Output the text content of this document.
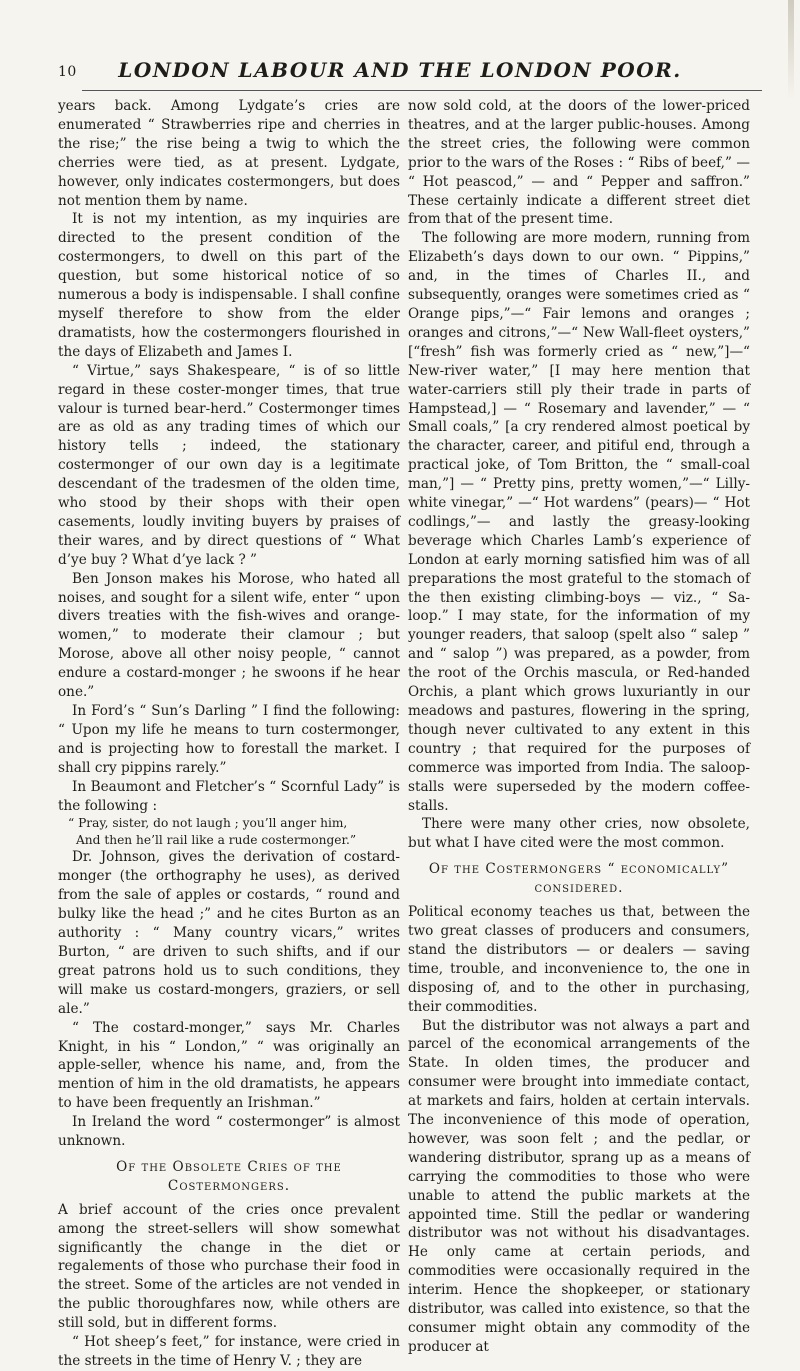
10	LONDON LABOUR AND THE LONDON POOR.

years back. Among Lydgate’s cries are enumerated “ Strawberries ripe and cherries in the rise;” the rise being a twig to which the cherries were tied, as at present. Lydgate, however, only indicates costermongers, but does not mention them by name.

It is not my intention, as my inquiries are directed to the present condition of the costermongers, to dwell on this part of the question, but some historical notice of so numerous a body is indispensable. I shall confine myself therefore to show from the elder dramatists, how the costermongers flourished in the days of Elizabeth and James I.

“ Virtue,” says Shakespeare, “ is of so little regard in these coster-monger times, that true valour is turned bear-herd.” Costermonger times are as old as any trading times of which our history tells ; indeed, the stationary costermonger of our own day is a legitimate descendant of the tradesmen of the olden time, who stood by their shops with their open casements, loudly inviting buyers by praises of their wares, and by direct questions of “ What d’ye buy ? What d’ye lack ? ”

Ben Jonson makes his Morose, who hated all noises, and sought for a silent wife, enter “ upon divers treaties with the fish-wives and orange-women,” to moderate their clamour ; but Morose, above all other noisy people, “ cannot endure a costard-monger ; he swoons if he hear one.”

In Ford’s “ Sun’s Darling ” I find the following: “ Upon my life he means to turn costermonger, and is projecting how to forestall the market. I shall cry pippins rarely.”

In Beaumont and Fletcher’s “ Scornful Lady” is the following :

“ Pray, sister, do not laugh ; you’ll anger him,
And then he’ll rail like a rude costermonger.”

Dr. Johnson, gives the derivation of costard-monger (the orthography he uses), as derived from the sale of apples or costards, “ round and bulky like the head ;” and he cites Burton as an authority : “ Many country vicars,” writes Burton, “ are driven to such shifts, and if our great patrons hold us to such conditions, they will make us costard-mongers, graziers, or sell ale.”

“ The costard-monger,” says Mr. Charles Knight, in his “ London,” “ was originally an apple-seller, whence his name, and, from the mention of him in the old dramatists, he appears to have been frequently an Irishman.”

In Ireland the word “ costermonger” is almost unknown.

Of the Obsolete Cries of the Costermongers.

A brief account of the cries once prevalent among the street-sellers will show somewhat significantly the change in the diet or regalements of those who purchase their food in the street. Some of the articles are not vended in the public thoroughfares now, while others are still sold, but in different forms.

“ Hot sheep’s feet,” for instance, were cried in the streets in the time of Henry V. ; they are

now sold cold, at the doors of the lower-priced theatres, and at the larger public-houses. Among the street cries, the following were common prior to the wars of the Roses : “ Ribs of beef,” — “ Hot peascod,” — and “ Pepper and saffron.” These certainly indicate a different street diet from that of the present time.

The following are more modern, running from Elizabeth’s days down to our own. “ Pippins,” and, in the times of Charles II., and subsequently, oranges were sometimes cried as “ Orange pips,”—“ Fair lemons and oranges ; oranges and citrons,”—“ New Wall-fleet oysters,” [“fresh” fish was formerly cried as “ new,”]—“ New-river water,” [I may here mention that water-carriers still ply their trade in parts of Hampstead,] — “ Rosemary and lavender,” — “ Small coals,” [a cry rendered almost poetical by the character, career, and pitiful end, through a practical joke, of Tom Britton, the “ small-coal man,”] — “ Pretty pins, pretty women,”—“ Lilly-white vinegar,” —“ Hot wardens” (pears)— “ Hot codlings,”— and lastly the greasy-looking beverage which Charles Lamb’s experience of London at early morning satisfied him was of all preparations the most grateful to the stomach of the then existing climbing-boys — viz., “ Sa-loop.” I may state, for the information of my younger readers, that saloop (spelt also “ salep ” and “ salop ”) was prepared, as a powder, from the root of the Orchis mascula, or Red-handed Orchis, a plant which grows luxuriantly in our meadows and pastures, flowering in the spring, though never cultivated to any extent in this country ; that required for the purposes of commerce was imported from India. The saloop-stalls were superseded by the modern coffee-stalls.

There were many other cries, now obsolete, but what I have cited were the most common.

Of the Costermongers “ economically” considered.

Political economy teaches us that, between the two great classes of producers and consumers, stand the distributors — or dealers — saving time, trouble, and inconvenience to, the one in disposing of, and to the other in purchasing, their commodities.

But the distributor was not always a part and parcel of the economical arrangements of the State. In olden times, the producer and consumer were brought into immediate contact, at markets and fairs, holden at certain intervals. The inconvenience of this mode of operation, however, was soon felt ; and the pedlar, or wandering distributor, sprang up as a means of carrying the commodities to those who were unable to attend the public markets at the appointed time. Still the pedlar or wandering distributor was not without his disadvantages. He only came at certain periods, and commodities were occasionally required in the interim. Hence the shopkeeper, or stationary distributor, was called into existence, so that the consumer might obtain any commodity of the producer at
